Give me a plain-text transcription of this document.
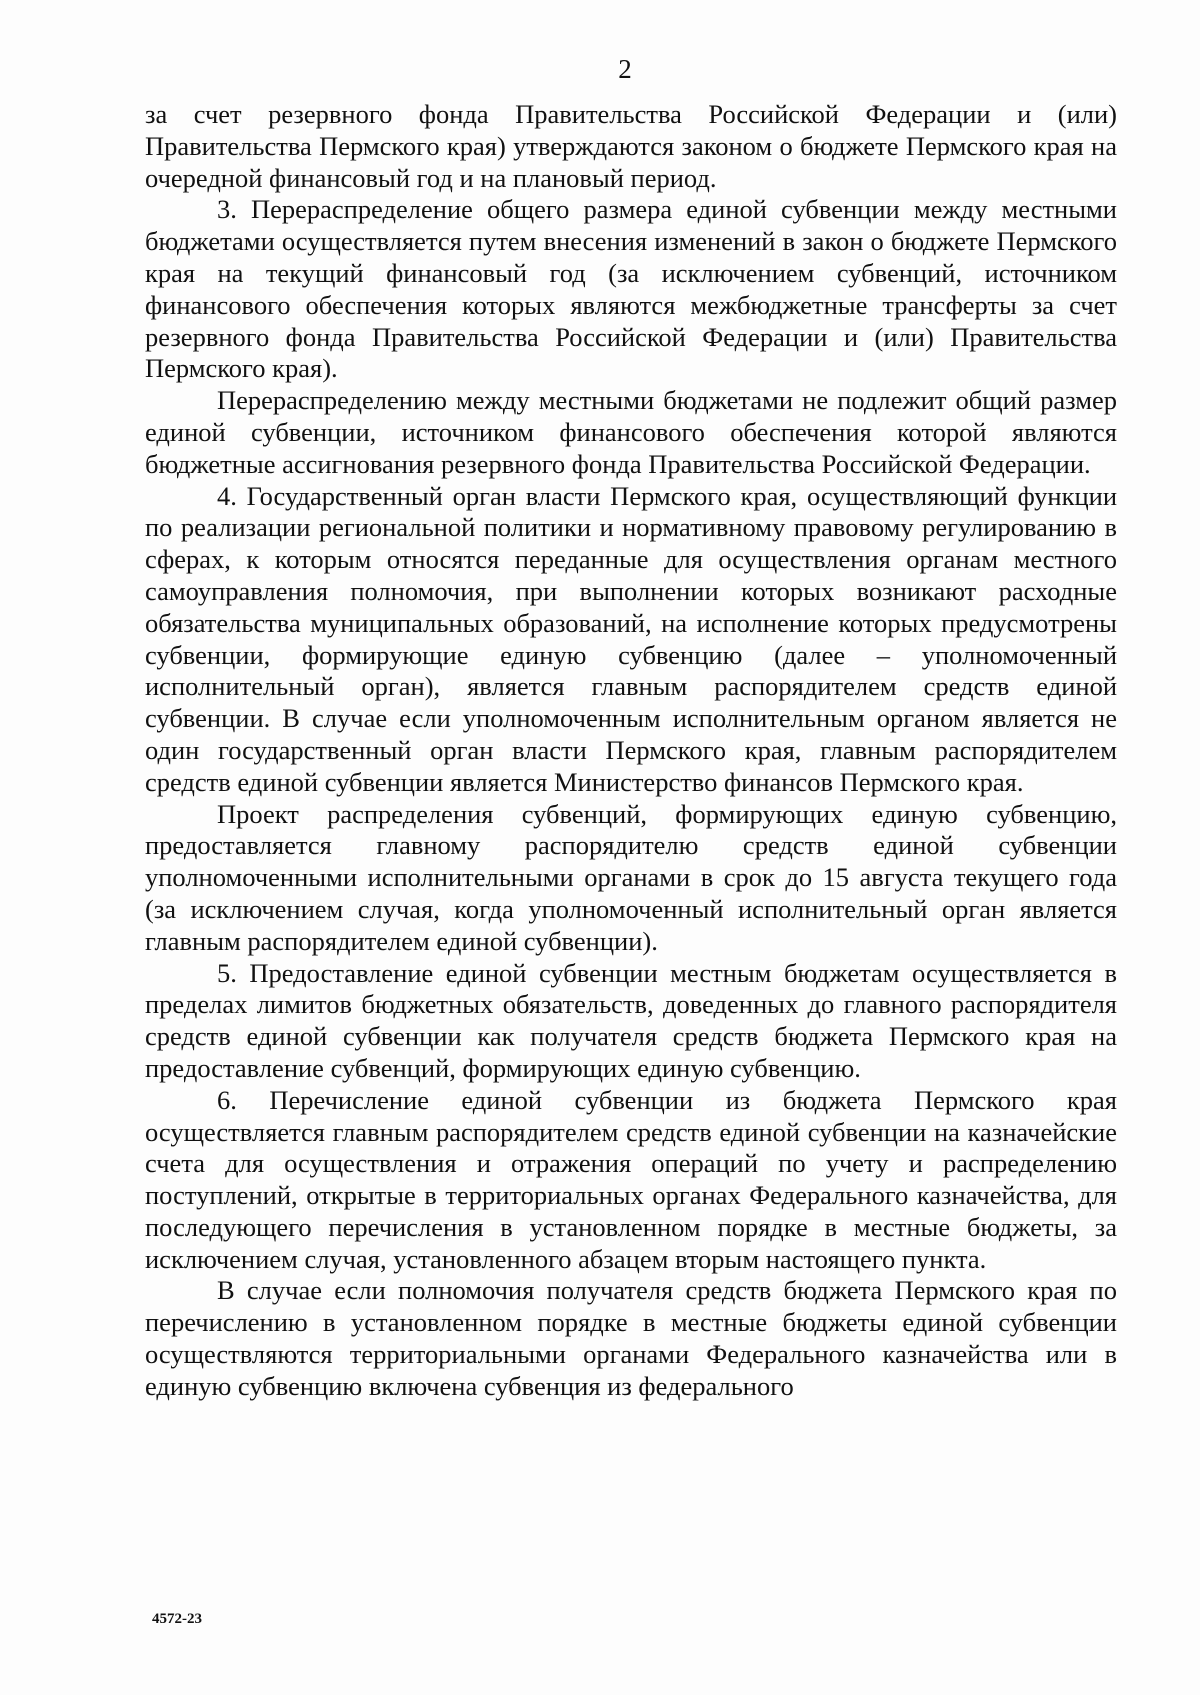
2

за счет резервного фонда Правительства Российской Федерации и (или) Правительства Пермского края) утверждаются законом о бюджете Пермского края на очередной финансовый год и на плановый период.

3. Перераспределение общего размера единой субвенции между местными бюджетами осуществляется путем внесения изменений в закон о бюджете Пермского края на текущий финансовый год (за исключением субвенций, источником финансового обеспечения которых являются межбюджетные трансферты за счет резервного фонда Правительства Российской Федерации и (или) Правительства Пермского края).

Перераспределению между местными бюджетами не подлежит общий размер единой субвенции, источником финансового обеспечения которой являются бюджетные ассигнования резервного фонда Правительства Российской Федерации.

4. Государственный орган власти Пермского края, осуществляющий функции по реализации региональной политики и нормативному правовому регулированию в сферах, к которым относятся переданные для осуществления органам местного самоуправления полномочия, при выполнении которых возникают расходные обязательства муниципальных образований, на исполнение которых предусмотрены субвенции, формирующие единую субвенцию (далее – уполномоченный исполнительный орган), является главным распорядителем средств единой субвенции. В случае если уполномоченным исполнительным органом является не один государственный орган власти Пермского края, главным распорядителем средств единой субвенции является Министерство финансов Пермского края.

Проект распределения субвенций, формирующих единую субвенцию, предоставляется главному распорядителю средств единой субвенции уполномоченными исполнительными органами в срок до 15 августа текущего года (за исключением случая, когда уполномоченный исполнительный орган является главным распорядителем единой субвенции).

5. Предоставление единой субвенции местным бюджетам осуществляется в пределах лимитов бюджетных обязательств, доведенных до главного распорядителя средств единой субвенции как получателя средств бюджета Пермского края на предоставление субвенций, формирующих единую субвенцию.

6. Перечисление единой субвенции из бюджета Пермского края осуществляется главным распорядителем средств единой субвенции на казначейские счета для осуществления и отражения операций по учету и распределению поступлений, открытые в территориальных органах Федерального казначейства, для последующего перечисления в установленном порядке в местные бюджеты, за исключением случая, установленного абзацем вторым настоящего пункта.

В случае если полномочия получателя средств бюджета Пермского края по перечислению в установленном порядке в местные бюджеты единой субвенции осуществляются территориальными органами Федерального казначейства или в единую субвенцию включена субвенция из федерального

4572-23
